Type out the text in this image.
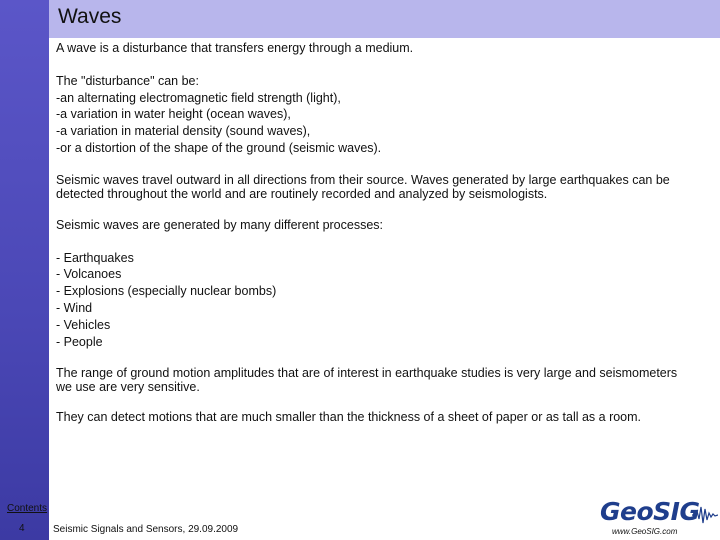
Waves

A wave is a disturbance that transfers energy through a medium.

The "disturbance" can be:
-an alternating electromagnetic field strength (light),
-a variation in water height (ocean waves),
-a variation in material density (sound waves),
-or a distortion of the shape of the ground (seismic waves).

Seismic waves travel outward in all directions from their source. Waves generated by large earthquakes can be detected throughout the world and are routinely recorded and analyzed by seismologists.

Seismic waves are generated by many different processes:

- Earthquakes
- Volcanoes
- Explosions (especially nuclear bombs)
- Wind
- Vehicles
- People

The range of ground motion amplitudes that are of interest in earthquake studies is very large and seismometers we use are very sensitive.

They can detect motions that are much smaller than the thickness of a sheet of paper or as tall as a room.

Contents
4	Seismic Signals and Sensors, 29.09.2009
GeoSIG
www.GeoSIG.com
